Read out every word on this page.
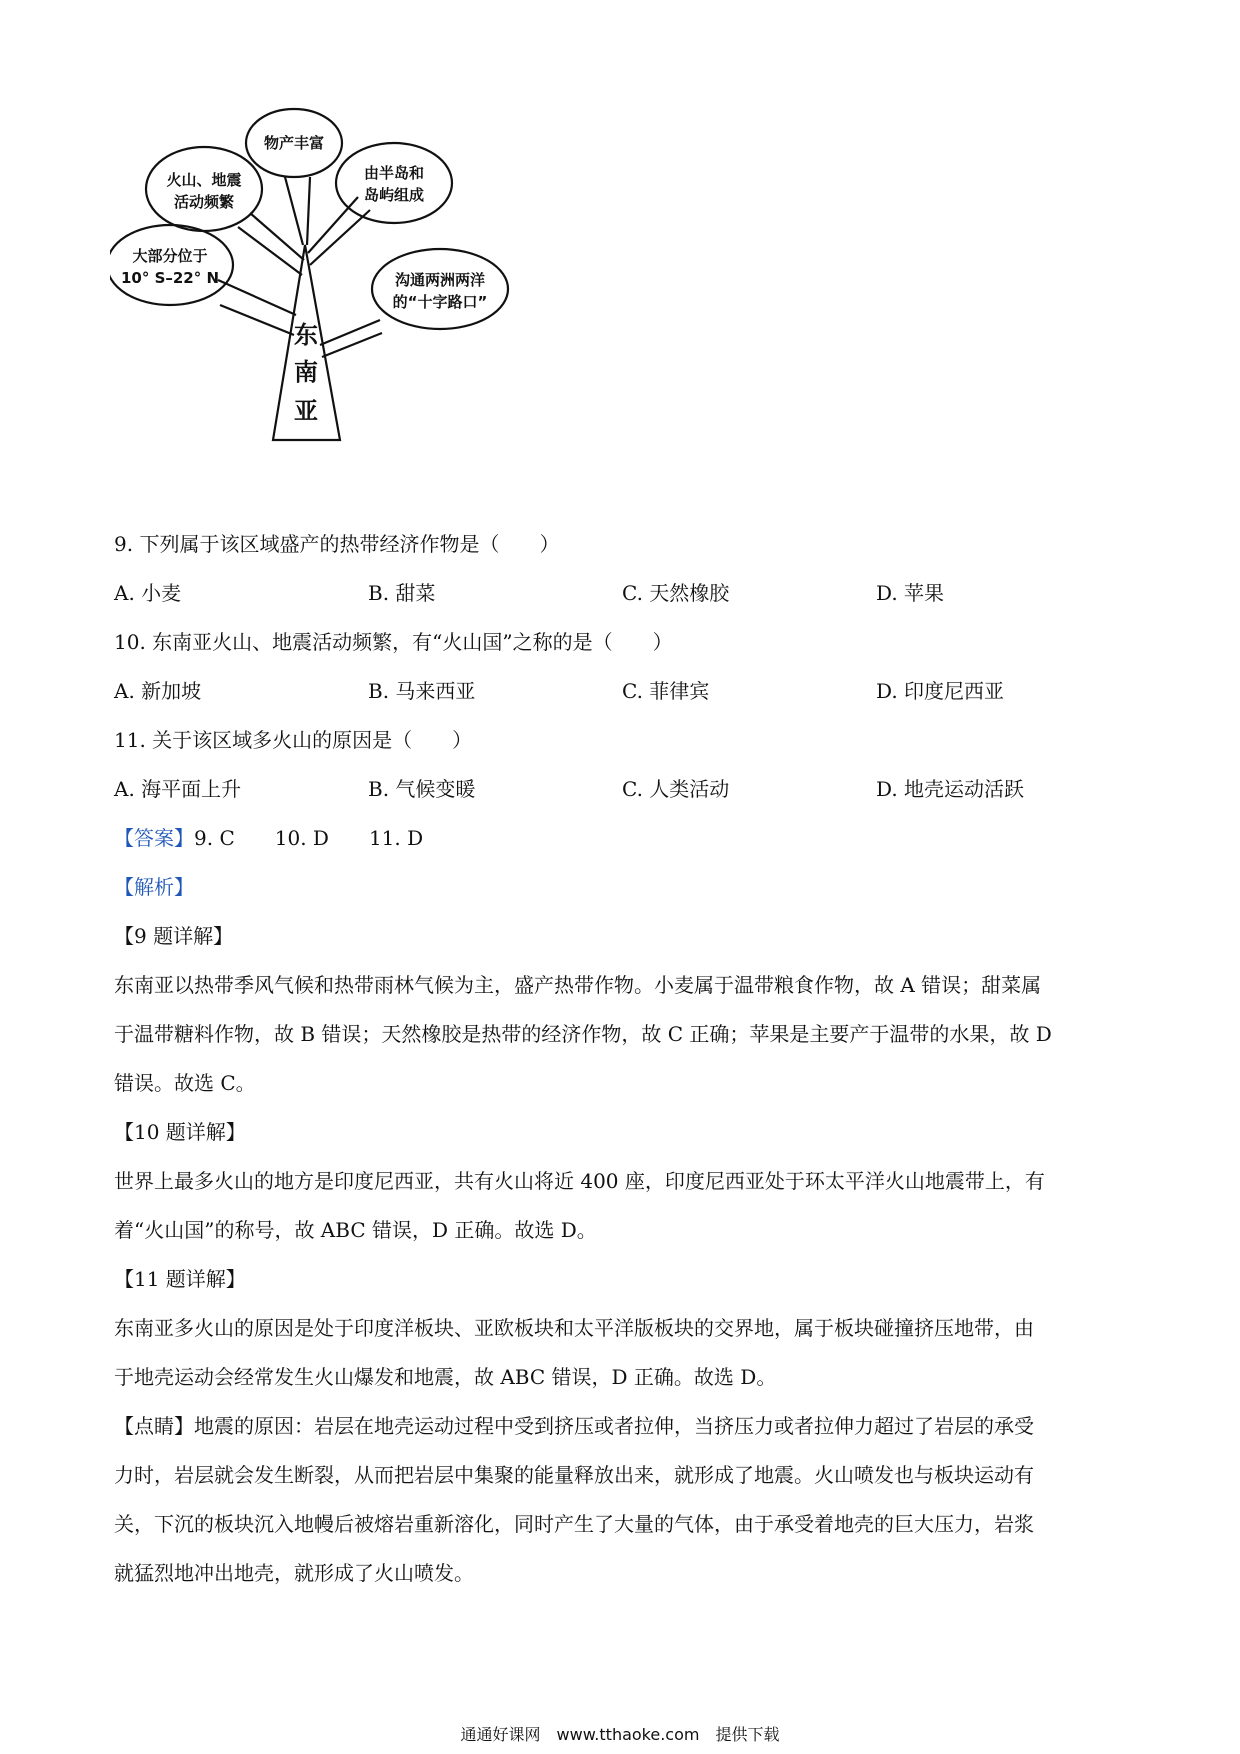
物产丰富
火山、地震
活动频繁
由半岛和
岛屿组成
大部分位于
10° S–22° N	沟通两洲两洋
的“十字路口”
东
南
亚
9. 下列属于该区域盛产的热带经济作物是（　　）
A. 小麦	B. 甜菜	C. 天然橡胶	D. 苹果
10. 东南亚火山、地震活动频繁，有“火山国”之称的是（　　）
A. 新加坡	B. 马来西亚	C. 菲律宾	D. 印度尼西亚
11. 关于该区域多火山的原因是（　　）
A. 海平面上升	B. 气候变暖	C. 人类活动	D. 地壳运动活跃
【答案】9. C 10. D 11. D
【解析】
【9 题详解】
东南亚以热带季风气候和热带雨林气候为主，盛产热带作物。小麦属于温带粮食作物，故 A 错误；甜菜属
于温带糖料作物，故 B 错误；天然橡胶是热带的经济作物，故 C 正确；苹果是主要产于温带的水果，故 D
错误。故选 C。
【10 题详解】
世界上最多火山的地方是印度尼西亚，共有火山将近 400 座，印度尼西亚处于环太平洋火山地震带上，有
着“火山国”的称号，故 ABC 错误，D 正确。故选 D。
【11 题详解】
东南亚多火山的原因是处于印度洋板块、亚欧板块和太平洋版板块的交界地，属于板块碰撞挤压地带，由
于地壳运动会经常发生火山爆发和地震，故 ABC 错误，D 正确。故选 D。
【点睛】地震的原因：岩层在地壳运动过程中受到挤压或者拉伸，当挤压力或者拉伸力超过了岩层的承受
力时，岩层就会发生断裂，从而把岩层中集聚的能量释放出来，就形成了地震。火山喷发也与板块运动有
关，下沉的板块沉入地幔后被熔岩重新溶化，同时产生了大量的气体，由于承受着地壳的巨大压力，岩浆
就猛烈地冲出地壳，就形成了火山喷发。
通通好课网　www.tthaoke.com　提供下载
